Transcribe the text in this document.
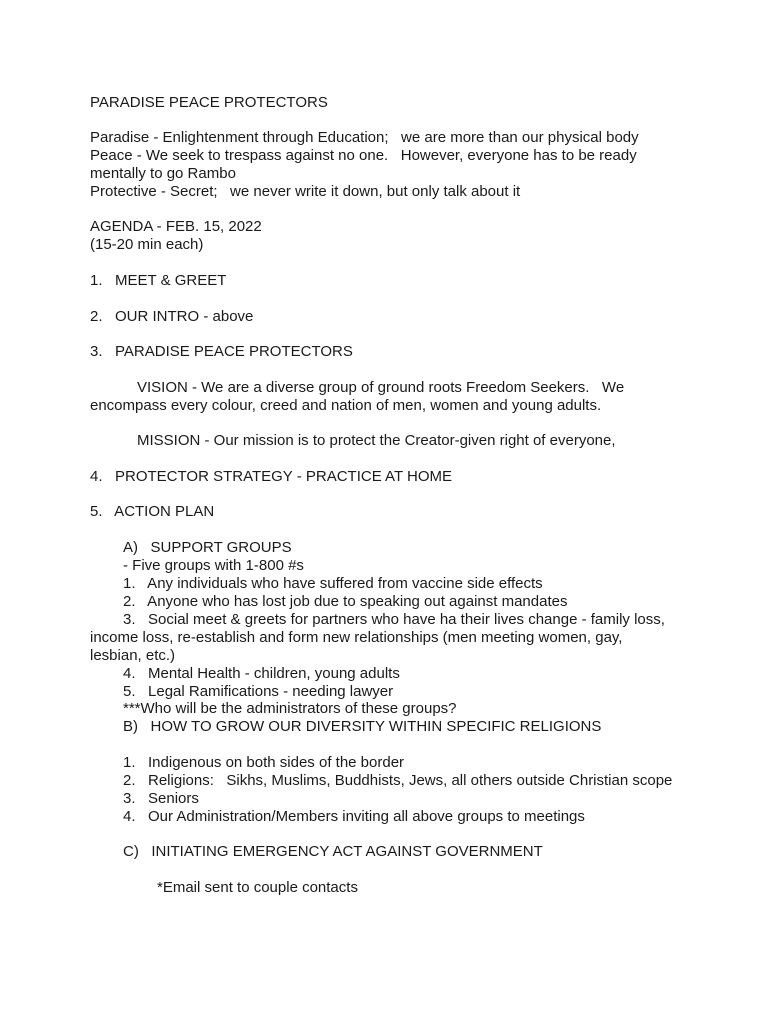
PARADISE PEACE PROTECTORS
Paradise - Enlightenment through Education;   we are more than our physical body
Peace - We seek to trespass against no one.   However, everyone has to be ready
mentally to go Rambo
Protective - Secret;   we never write it down, but only talk about it
AGENDA - FEB. 15, 2022
(15-20 min each)
1.   MEET & GREET
2.   OUR INTRO - above
3.   PARADISE PEACE PROTECTORS
VISION - We are a diverse group of ground roots Freedom Seekers.   We
encompass every colour, creed and nation of men, women and young adults.
MISSION - Our mission is to protect the Creator-given right of everyone,
4.   PROTECTOR STRATEGY - PRACTICE AT HOME
5.   ACTION PLAN
A)   SUPPORT GROUPS
- Five groups with 1-800 #s
1.   Any individuals who have suffered from vaccine side effects
2.   Anyone who has lost job due to speaking out against mandates
3.   Social meet & greets for partners who have ha their lives change - family loss,
income loss, re-establish and form new relationships (men meeting women, gay,
lesbian, etc.)
4.   Mental Health - children, young adults
5.   Legal Ramifications - needing lawyer
***Who will be the administrators of these groups?
B)   HOW TO GROW OUR DIVERSITY WITHIN SPECIFIC RELIGIONS
1.   Indigenous on both sides of the border
2.   Religions:   Sikhs, Muslims, Buddhists, Jews, all others outside Christian scope
3.   Seniors
4.   Our Administration/Members inviting all above groups to meetings
C)   INITIATING EMERGENCY ACT AGAINST GOVERNMENT
*Email sent to couple contacts
